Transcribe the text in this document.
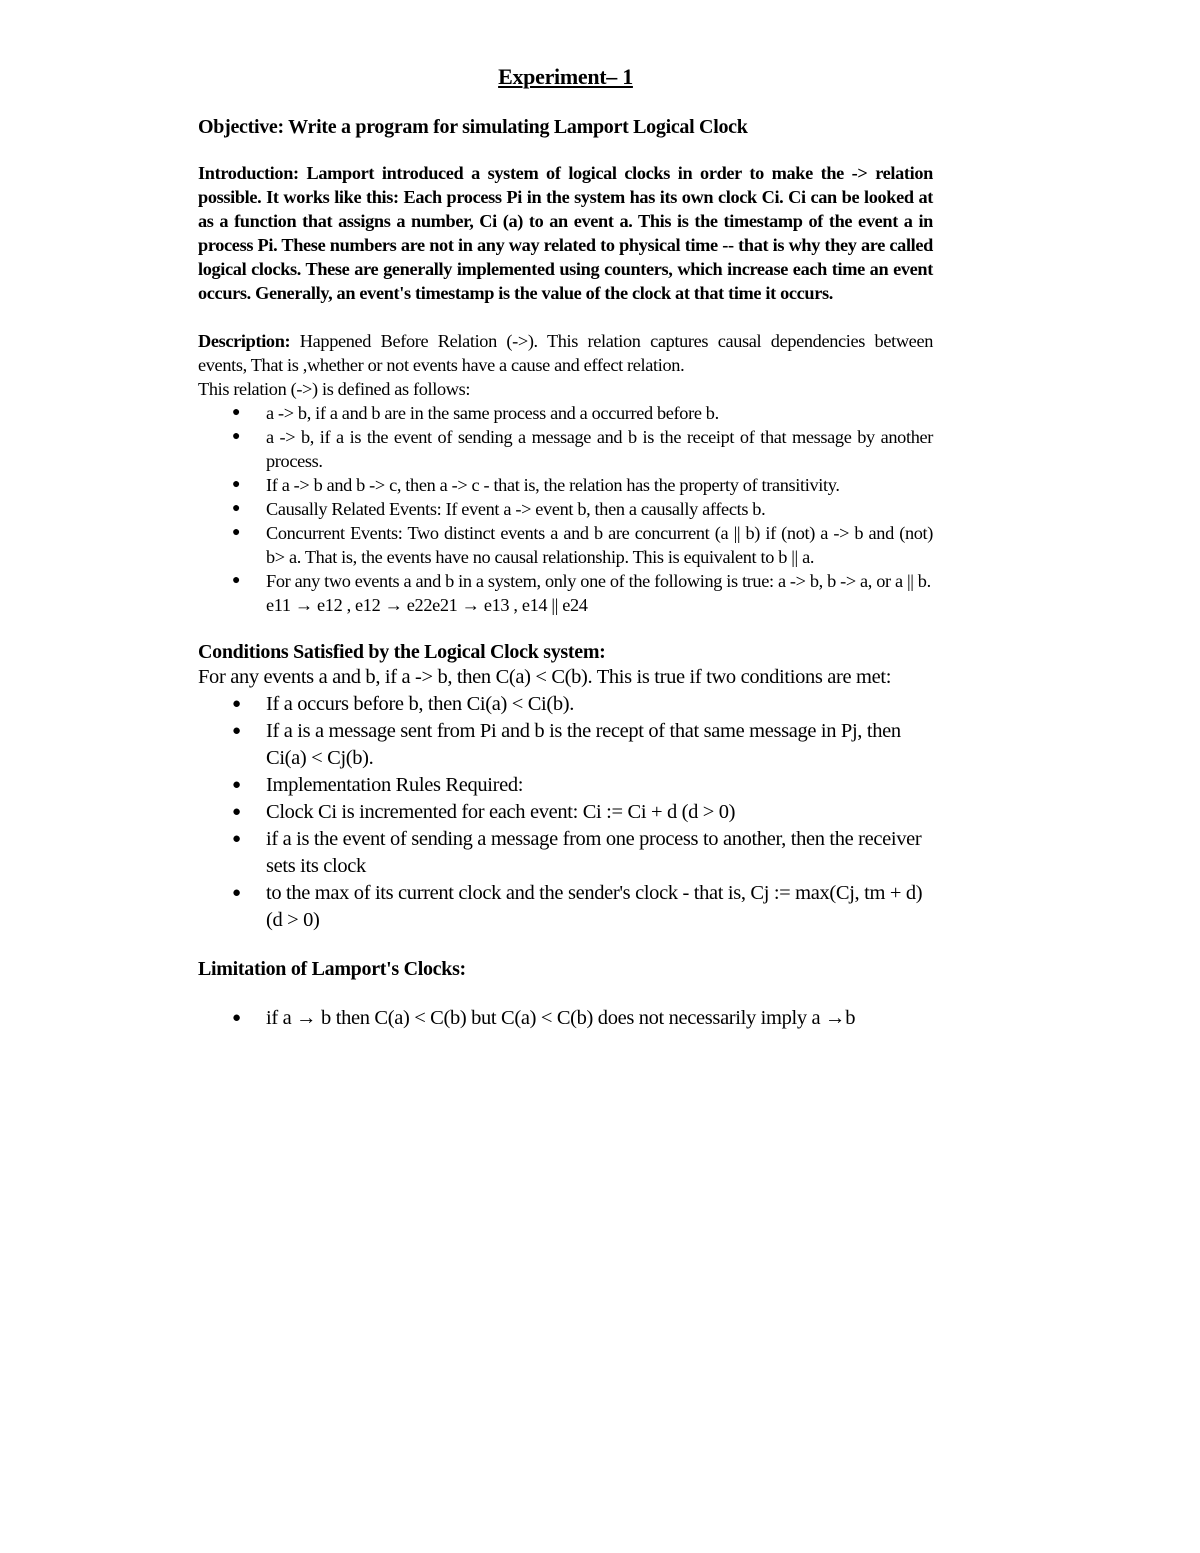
Experiment– 1
Objective: Write a program for simulating Lamport Logical Clock

Introduction: Lamport introduced a system of logical clocks in order to make the -> relation possible. It works like this: Each process Pi in the system has its own clock Ci. Ci can be looked at as a function that assigns a number, Ci (a) to an event a. This is the timestamp of the event a in process Pi. These numbers are not in any way related to physical time -- that is why they are called logical clocks. These are generally implemented using counters, which increase each time an event occurs. Generally, an event's timestamp is the value of the clock at that time it occurs.

Description: Happened Before Relation (->). This relation captures causal dependencies between events, That is ,whether or not events have a cause and effect relation.

This relation (->) is defined as follows:

● a -> b, if a and b are in the same process and a occurred before b.
● a -> b, if a is the event of sending a message and b is the receipt of that message by another process.
● If a -> b and b -> c, then a -> c - that is, the relation has the property of transitivity.
● Causally Related Events: If event a -> event b, then a causally affects b.
● Concurrent Events: Two distinct events a and b are concurrent (a || b) if (not) a -> b and (not) b> a. That is, the events have no causal relationship. This is equivalent to b || a.
● For any two events a and b in a system, only one of the following is true: a -> b, b -> a, or a || b.
e11 → e12 , e12 → e22e21 → e13 , e14 || e24
Conditions Satisfied by the Logical Clock system:

For any events a and b, if a -> b, then C(a) < C(b). This is true if two conditions are met:

● If a occurs before b, then Ci(a) < Ci(b).
● If a is a message sent from Pi and b is the recept of that same message in Pj, then Ci(a) < Cj(b).
● Implementation Rules Required:
● Clock Ci is incremented for each event: Ci := Ci + d (d > 0)
● if a is the event of sending a message from one process to another, then the receiver sets its clock
● to the max of its current clock and the sender's clock - that is, Cj := max(Cj, tm + d) (d > 0)
Limitation of Lamport's Clocks:
● if a → b then C(a) < C(b) but C(a) < C(b) does not necessarily imply a →b
